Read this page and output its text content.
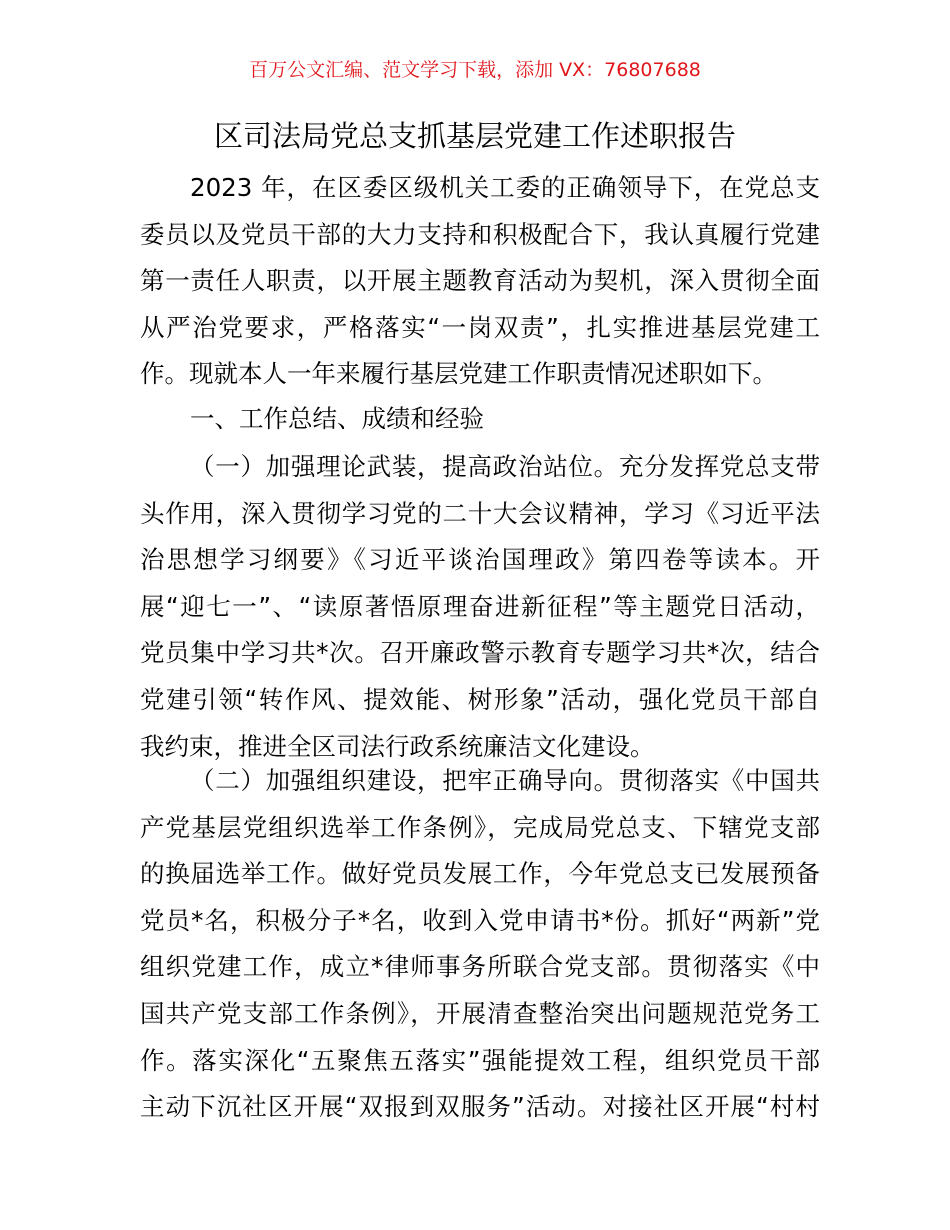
百万公文汇编、范文学习下载，添加 VX：76807688
区司法局党总支抓基层党建工作述职报告
2023 年，在区委区级机关工委的正确领导下，在党总支
委员以及党员干部的大力支持和积极配合下，我认真履行党建
第一责任人职责，以开展主题教育活动为契机，深入贯彻全面
从严治党要求，严格落实“一岗双责”，扎实推进基层党建工
作。现就本人一年来履行基层党建工作职责情况述职如下。
一、工作总结、成绩和经验
（一）加强理论武装，提高政治站位。充分发挥党总支带
头作用，深入贯彻学习党的二十大会议精神，学习《习近平法
治思想学习纲要》《习近平谈治国理政》第四卷等读本。开
展“迎七一”、“读原著悟原理奋进新征程”等主题党日活动，
党员集中学习共*次。召开廉政警示教育专题学习共*次，结合
党建引领“转作风、提效能、树形象”活动，强化党员干部自
我约束，推进全区司法行政系统廉洁文化建设。
（二）加强组织建设，把牢正确导向。贯彻落实《中国共
产党基层党组织选举工作条例》，完成局党总支、下辖党支部
的换届选举工作。做好党员发展工作，今年党总支已发展预备
党员*名，积极分子*名，收到入党申请书*份。抓好“两新”党
组织党建工作，成立*律师事务所联合党支部。贯彻落实《中
国共产党支部工作条例》，开展清查整治突出问题规范党务工
作。落实深化“五聚焦五落实”强能提效工程，组织党员干部
主动下沉社区开展“双报到双服务”活动。对接社区开展“村村
